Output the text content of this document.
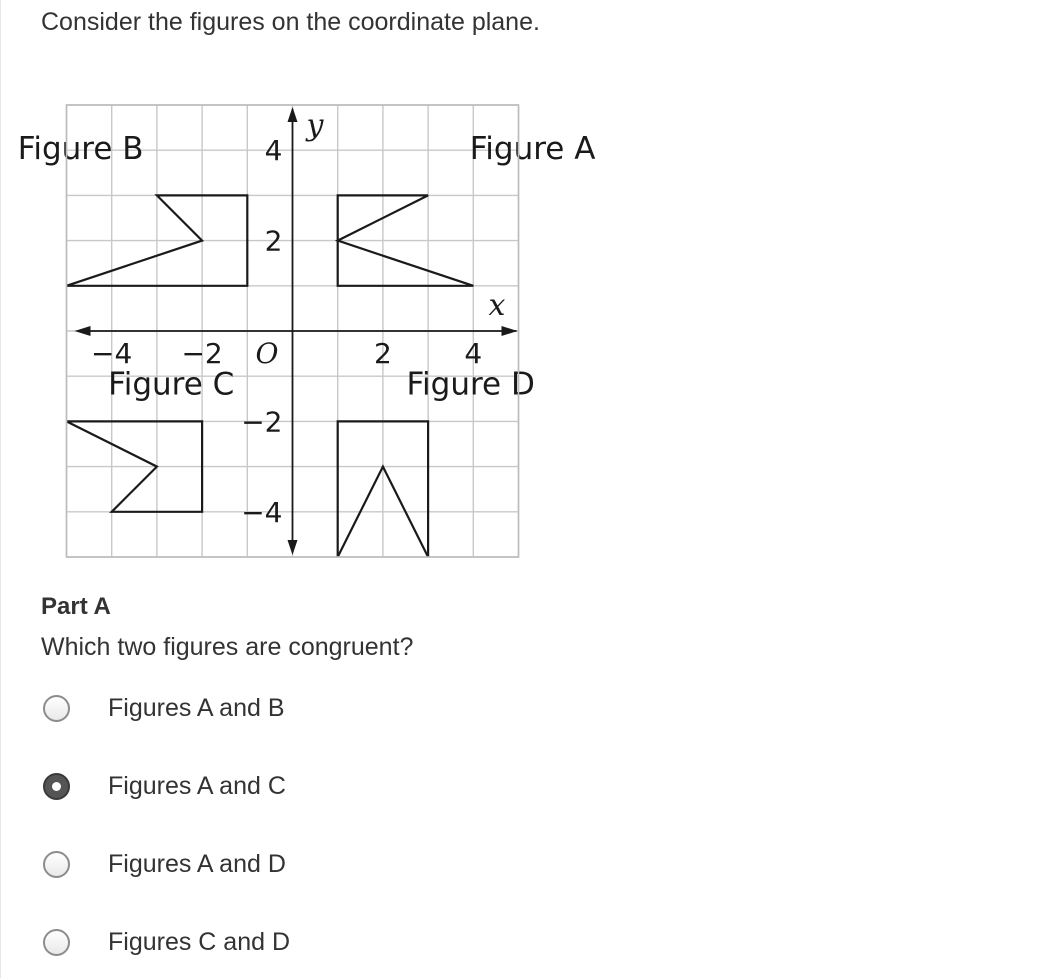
Consider the figures on the coordinate plane.
y
x
O
−4 −2	2	4
4
2
−2
−4
Figure A
Figure B
Figure C	Figure D
Part A

Which two figures are congruent?

Figures A and B
Figures A and C
Figures A and D
Figures C and D
